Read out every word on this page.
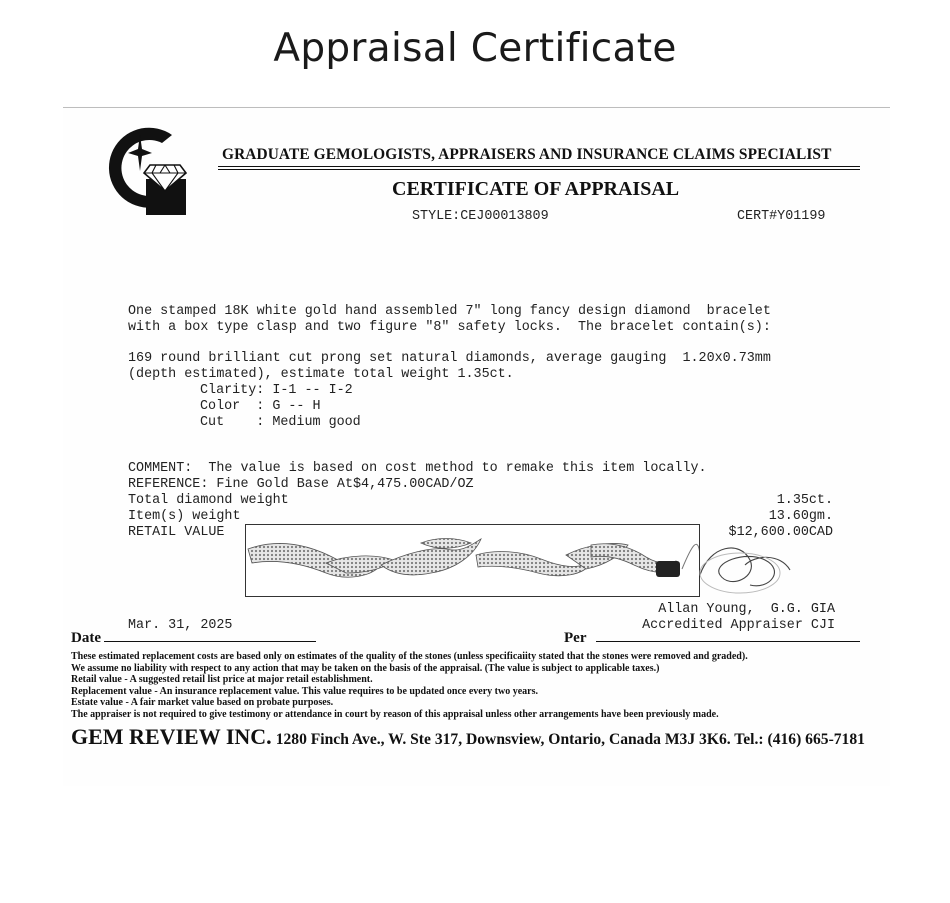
Appraisal Certificate
GRADUATE GEMOLOGISTS, APPRAISERS AND INSURANCE CLAIMS SPECIALIST
CERTIFICATE OF APPRAISAL
STYLE:CEJ00013809	CERT#Y01199
One stamped 18K white gold hand assembled 7" long fancy design diamond  bracelet
with a box type clasp and two figure "8" safety locks.  The bracelet contain(s):
169 round brilliant cut prong set natural diamonds, average gauging  1.20x0.73mm
(depth estimated), estimate total weight 1.35ct.
Clarity: I-1 -- I-2
Color  : G -- H
Cut    : Medium good
COMMENT:  The value is based on cost method to remake this item locally.
REFERENCE: Fine Gold Base At$4,475.00CAD/OZ
Total diamond weight	1.35ct.
Item(s) weight	13.60gm.
RETAIL VALUE	$12,600.00CAD
Allan Young,  G.G. GIA
Mar. 31, 2025	Accredited Appraiser CJI
Date	Per
These estimated replacement costs are based only on estimates of the quality of the stones (unless specificaiity stated that the stones were removed and graded).
We assume no liability with respect to any action that may be taken on the basis of the appraisal. (The value is subject to applicable taxes.)
Retail value - A suggested retail list price at major retail establishment.
Replacement value - An insurance replacement value. This value requires to be updated once every two years.
Estate value - A fair market value based on probate purposes.
The appraiser is not required to give testimony or attendance in court by reason of this appraisal unless other arrangements have been previously made.
GEM REVIEW INC. 1280 Finch Ave., W. Ste 317, Downsview, Ontario, Canada M3J 3K6. Tel.: (416) 665-7181
